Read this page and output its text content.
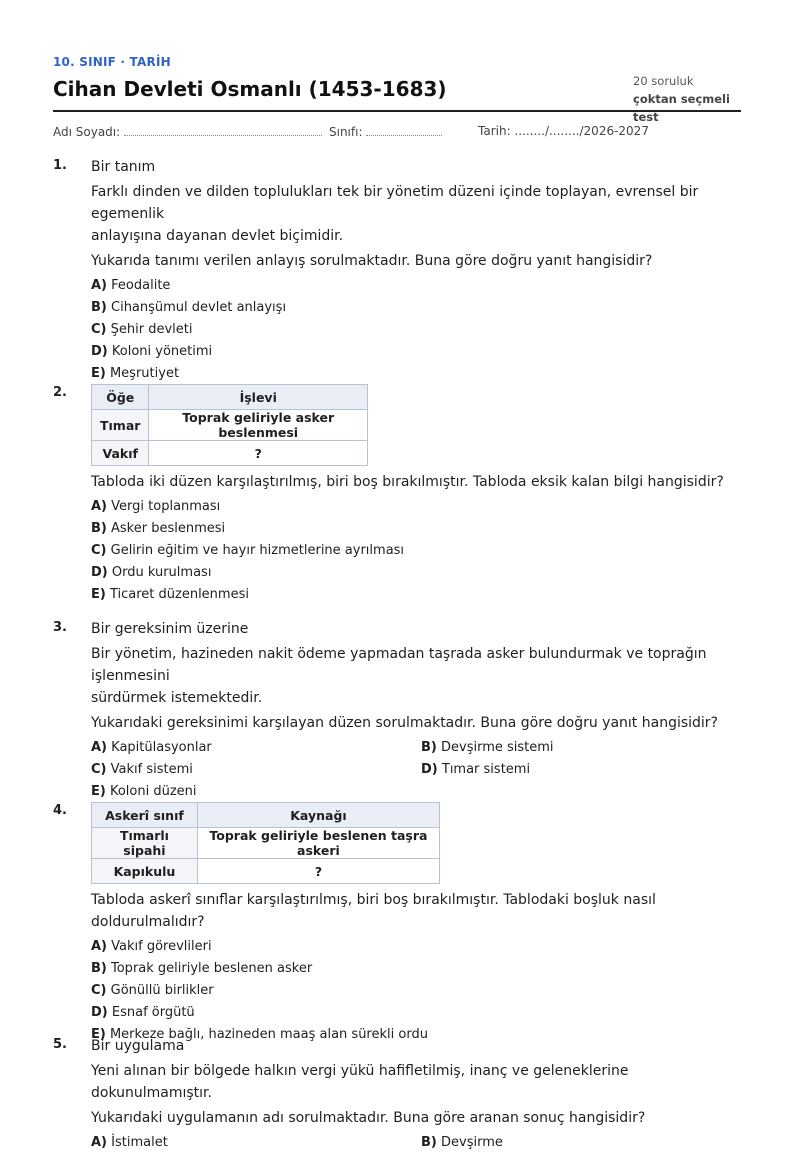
10. SINIF · TARİH
Cihan Devleti Osmanlı (1453-1683)	20 soruluk
çoktan seçmeli test
Adı Soyadı:	Sınıfı:	Tarih: ......../......../2026-2027
1. Bir tanım
Farklı dinden ve dilden toplulukları tek bir yönetim düzeni içinde toplayan, evrensel bir egemenlik
anlayışına dayanan devlet biçimidir.
Yukarıda tanımı verilen anlayış sorulmaktadır. Buna göre doğru yanıt hangisidir?
A) Feodalite
B) Cihanşümul devlet anlayışı
C) Şehir devleti
D) Koloni yönetimi
E) Meşrutiyet
2.	Öğe	İşlevi
Tımar	Toprak geliriyle asker beslenmesi
Vakıf	?
Tabloda iki düzen karşılaştırılmış, biri boş bırakılmıştır. Tabloda eksik kalan bilgi hangisidir?
A) Vergi toplanması
B) Asker beslenmesi
C) Gelirin eğitim ve hayır hizmetlerine ayrılması
D) Ordu kurulması
E) Ticaret düzenlenmesi
3. Bir gereksinim üzerine
Bir yönetim, hazineden nakit ödeme yapmadan taşrada asker bulundurmak ve toprağın işlenmesini
sürdürmek istemektedir.
Yukarıdaki gereksinimi karşılayan düzen sorulmaktadır. Buna göre doğru yanıt hangisidir?
A) Kapitülasyonlar	B) Devşirme sistemi
C) Vakıf sistemi	D) Tımar sistemi
E) Koloni düzeni
4.	Askerî sınıf	Kaynağı
Tımarlı sipahi	Toprak geliriyle beslenen taşra askeri
Kapıkulu	?
Tabloda askerî sınıflar karşılaştırılmış, biri boş bırakılmıştır. Tablodaki boşluk nasıl doldurulmalıdır?
A) Vakıf görevlileri
B) Toprak geliriyle beslenen asker
C) Gönüllü birlikler
D) Esnaf örgütü
E) Merkeze bağlı, hazineden maaş alan sürekli ordu
5. Bir uygulama
Yeni alınan bir bölgede halkın vergi yükü hafifletilmiş, inanç ve geleneklerine dokunulmamıştır.
Yukarıdaki uygulamanın adı sorulmaktadır. Buna göre aranan sonuç hangisidir?
A) İstimalet	B) Devşirme
